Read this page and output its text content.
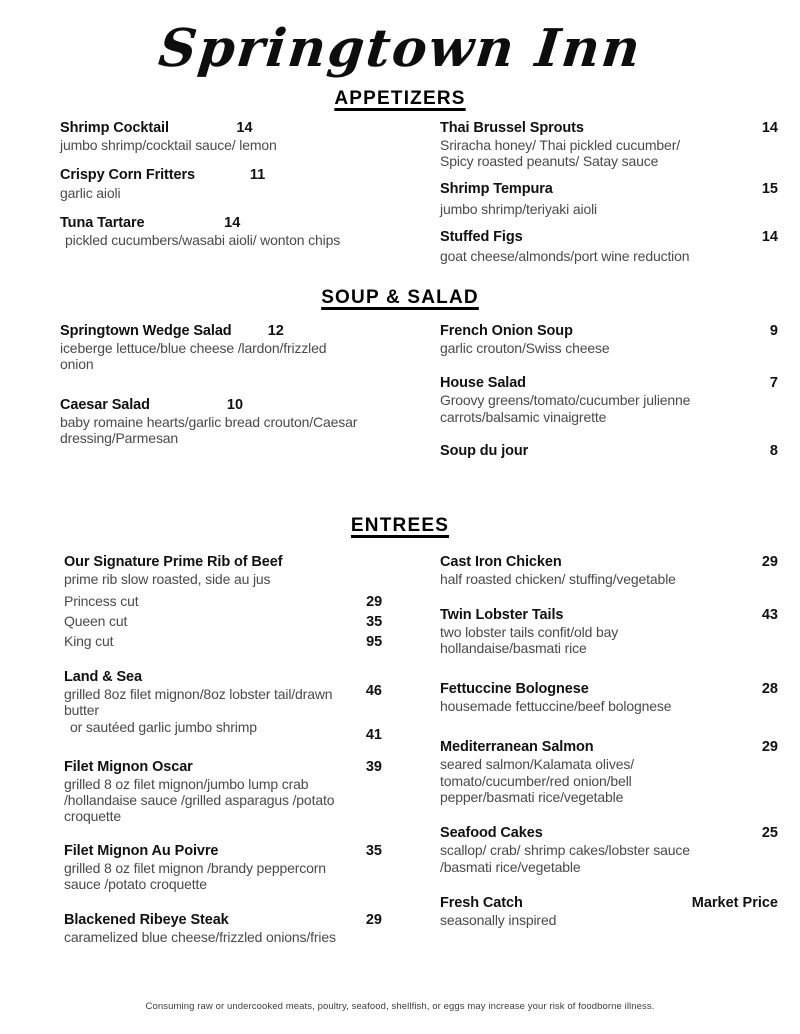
Springtown Inn
APPETIZERS
Shrimp Cocktail	14
jumbo shrimp/cocktail sauce/ lemon
Crispy Corn Fritters	11
garlic aioli
Tuna Tartare	14
pickled cucumbers/wasabi aioli/ wonton chips
Thai Brussel Sprouts	14
Sriracha honey/ Thai pickled cucumber/ Spicy roasted peanuts/ Satay sauce
Shrimp Tempura	15
jumbo shrimp/teriyaki aioli
Stuffed Figs	14
goat cheese/almonds/port wine reduction
SOUP & SALAD
Springtown Wedge Salad 12
iceberge lettuce/blue cheese /lardon/frizzled onion
Caesar Salad	10
baby romaine hearts/garlic bread crouton/Caesar dressing/Parmesan
French Onion Soup	9
garlic crouton/Swiss cheese
House Salad	7
Groovy greens/tomato/cucumber julienne carrots/balsamic vinaigrette
Soup du jour	8
ENTREES
Our Signature Prime Rib of Beef
prime rib slow roasted, side au jus
Princess cut	29
Queen cut	35
King cut	95
Land & Sea
grilled 8oz filet mignon/8oz lobster tail/drawn butter
46
or sautéed garlic jumbo shrimp	41
Filet Mignon Oscar	39
grilled 8 oz filet mignon/jumbo lump crab /hollandaise sauce /grilled asparagus /potato croquette
Filet Mignon Au Poivre	35
grilled 8 oz filet mignon /brandy peppercorn sauce /potato croquette
Blackened Ribeye Steak	29
caramelized blue cheese/frizzled onions/fries
Cast Iron Chicken	29
half roasted chicken/ stuffing/vegetable
Twin Lobster Tails	43
two lobster tails confit/old bay hollandaise/basmati rice
Fettuccine Bolognese	28
housemade fettuccine/beef bolognese
Mediterranean Salmon	29
seared salmon/Kalamata olives/ tomato/cucumber/red onion/bell pepper/basmati rice/vegetable
Seafood Cakes	25
scallop/ crab/ shrimp cakes/lobster sauce /basmati rice/vegetable
Fresh Catch	Market Price
seasonally inspired
Consuming raw or undercooked meats, poultry, seafood, shellfish, or eggs may increase your risk of foodborne illness.
